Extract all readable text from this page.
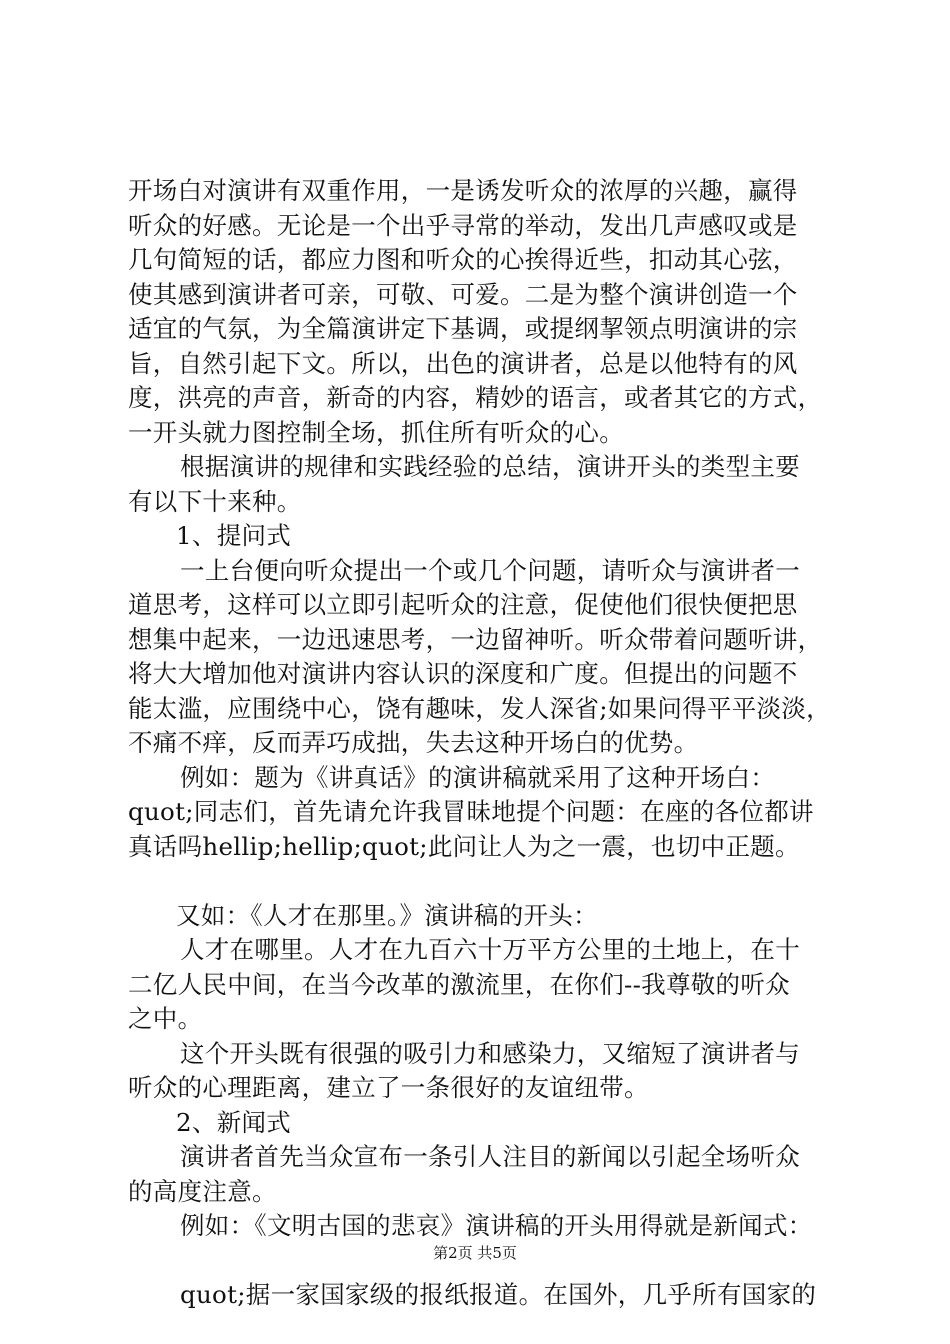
开场白对演讲有双重作用，一是诱发听众的浓厚的兴趣，赢得
听众的好感。无论是一个出乎寻常的举动，发出几声感叹或是
几句简短的话，都应力图和听众的心挨得近些，扣动其心弦，
使其感到演讲者可亲，可敬、可爱。二是为整个演讲创造一个
适宜的气氛，为全篇演讲定下基调，或提纲挈领点明演讲的宗
旨，自然引起下文。所以，出色的演讲者，总是以他特有的风
度，洪亮的声音，新奇的内容，精妙的语言，或者其它的方式，
一开头就力图控制全场，抓住所有听众的心。
根据演讲的规律和实践经验的总结，演讲开头的类型主要
有以下十来种。
1、提问式
一上台便向听众提出一个或几个问题，请听众与演讲者一
道思考，这样可以立即引起听众的注意，促使他们很快便把思
想集中起来，一边迅速思考，一边留神听。听众带着问题听讲，
将大大增加他对演讲内容认识的深度和广度。但提出的问题不
能太滥，应围绕中心，饶有趣味，发人深省;如果问得平平淡淡，
不痛不痒，反而弄巧成拙，失去这种开场白的优势。
例如：题为《讲真话》的演讲稿就采用了这种开场白：
quot;同志们，首先请允许我冒昧地提个问题：在座的各位都讲
真话吗hellip;hellip;quot;此问让人为之一震，也切中正题。
又如：《人才在那里。》演讲稿的开头：
人才在哪里。人才在九百六十万平方公里的土地上，在十
二亿人民中间，在当今改革的激流里，在你们--我尊敬的听众
之中。
这个开头既有很强的吸引力和感染力，又缩短了演讲者与
听众的心理距离，建立了一条很好的友谊纽带。
2、新闻式
演讲者首先当众宣布一条引人注目的新闻以引起全场听众
的高度注意。
例如：《文明古国的悲哀》演讲稿的开头用得就是新闻式：
quot;据一家国家级的报纸报道。在国外，几乎所有国家的
第2页 共5页
